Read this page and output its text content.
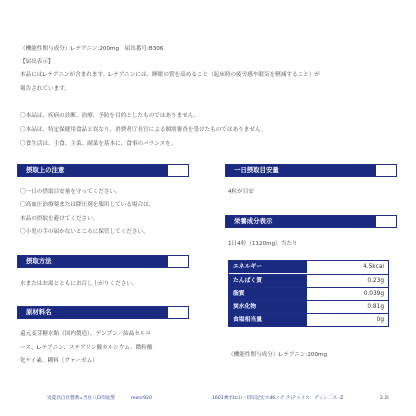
（機能性関与成分）L-テアニン:200mg　届出番号:B306
【届出表示】
本品にはL-テアニンが含まれます。L-テアニンには、睡眠の質を高めること（起床時の疲労感や眠気を軽減すること）が
報告されています。
〇本品は、疾病の診断、治療、予防を目的としたものではありません。
〇本品は、特定保健用食品と異なり、消費者庁長官による個別審査を受けたものではありません。
〇食生活は、主食、主菜、副菜を基本に、食事のバランスを。
摂取上の注意
〇一日の摂取目安量を守ってください。
〇高血圧治療薬または降圧剤を服用している場合は、
本品の摂取を避けてください。
〇小児の手の届かないところに保管してください。
摂取方法
水またはお湯とともにお召し上がりください。
原材料名
還元麦芽糖水飴（国内製造）、デンプン／結晶セルロ
ース、L-テアニン、ステアリン酸カルシウム、微粒酸
化ケイ素、糊料（グァーガム）
一日摂取目安量
4粒が目安
栄養成分表示
1日4粒（1120mg）当たり
エネルギー	4.5kcal
たんぱく質	0.23g
脂質	0.039g
炭水化物	0.81g
食塩相当量	0g
（機能性関与成分）L-テアニン:200mg
実夏昌自社製剤=当社八CI印紘警	menr920	1601乗ポtc山一切印記宏ホ46ノデ.アiテメイス：ディン二ス-.Z	2.2I
